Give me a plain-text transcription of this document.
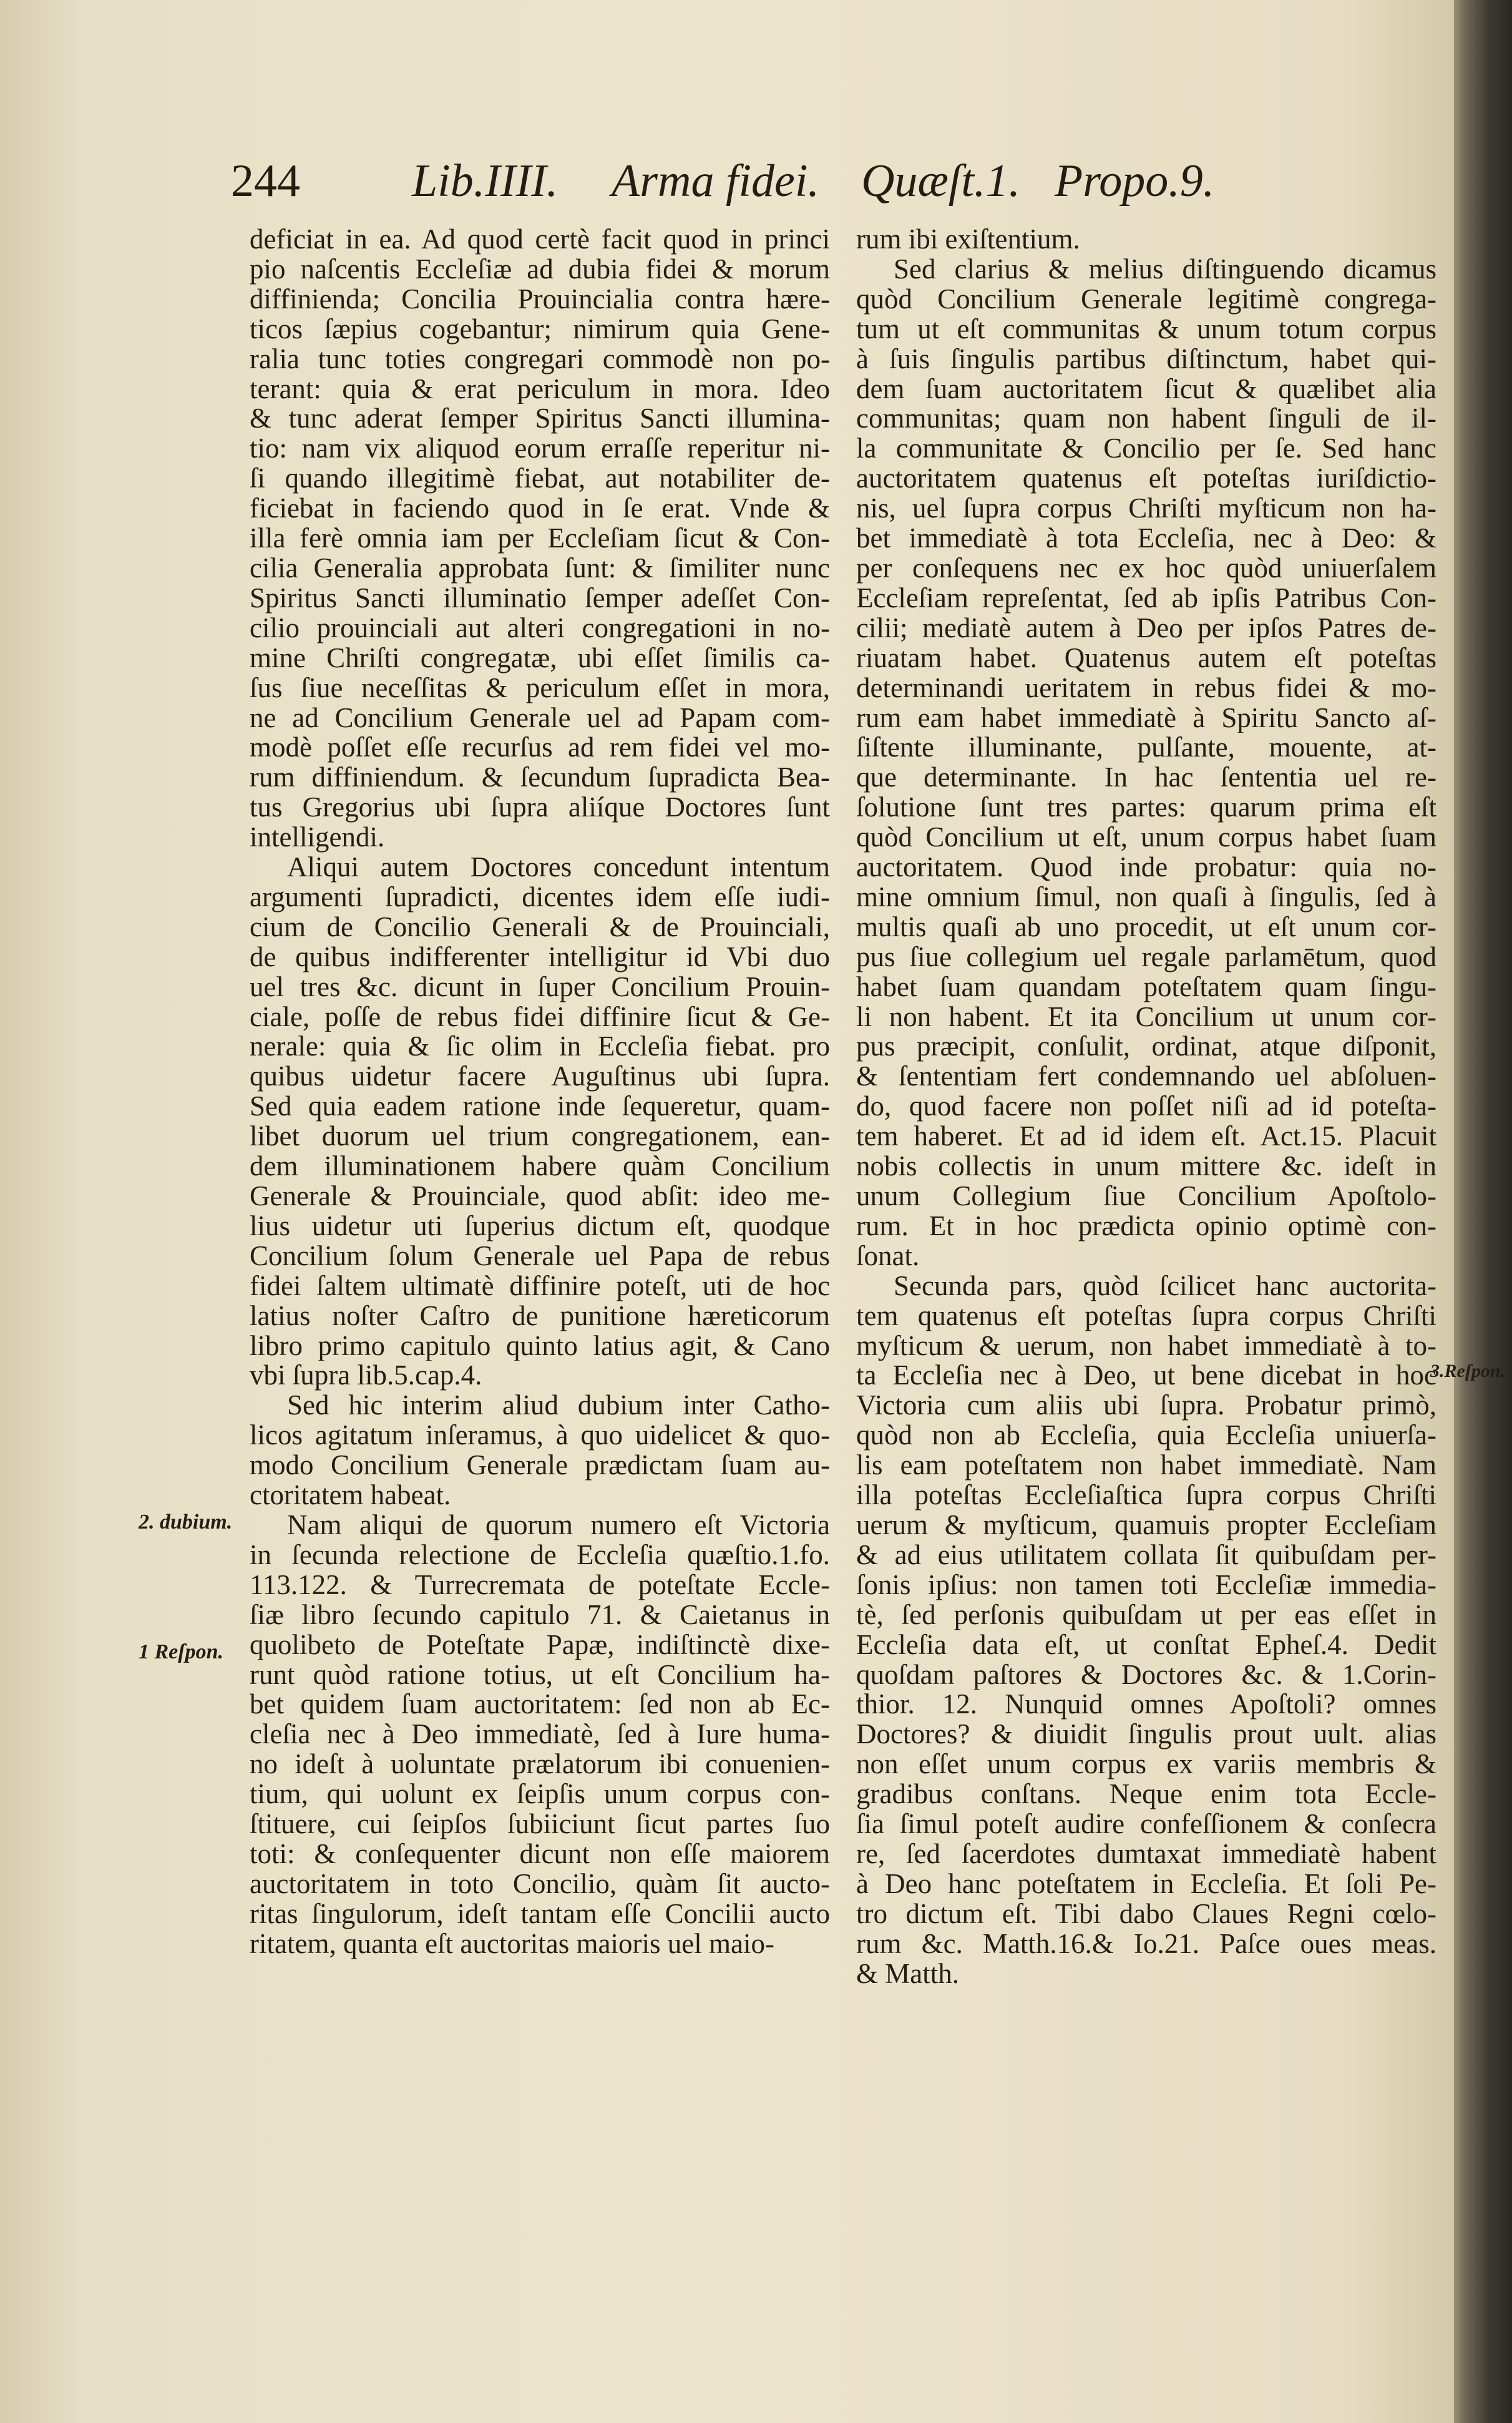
244 Lib.IIII. Arma fidei. Quæſt.1. Propo.9.
2. dubium.
1 Reſpon.
3.Reſpon.
deficiat in ea. Ad quod certè facit quod in princi
pio naſcentis Eccleſiæ ad dubia fidei & morum
diffinienda; Concilia Prouincialia contra hære-
ticos ſæpius cogebantur; nimirum quia Gene-
ralia tunc toties congregari commodè non po-
terant: quia & erat periculum in mora. Ideo
& tunc aderat ſemper Spiritus Sancti illumina-
tio: nam vix aliquod eorum erraſſe reperitur ni-
ſi quando illegitimè fiebat, aut notabiliter de-
ficiebat in faciendo quod in ſe erat. Vnde &
illa ferè omnia iam per Eccleſiam ſicut & Con-
cilia Generalia approbata ſunt: & ſimiliter nunc
Spiritus Sancti illuminatio ſemper adeſſet Con-
cilio prouinciali aut alteri congregationi in no-
mine Chriſti congregatæ, ubi eſſet ſimilis ca-
ſus ſiue neceſſitas & periculum eſſet in mora,
ne ad Concilium Generale uel ad Papam com-
modè poſſet eſſe recurſus ad rem fidei vel mo-
rum diffiniendum. & ſecundum ſupradicta Bea-
tus Gregorius ubi ſupra aliíque Doctores ſunt
intelligendi.
Aliqui autem Doctores concedunt intentum
argumenti ſupradicti, dicentes idem eſſe iudi-
cium de Concilio Generali & de Prouinciali,
de quibus indifferenter intelligitur id Vbi duo
uel tres &c. dicunt in ſuper Concilium Prouin-
ciale, poſſe de rebus fidei diffinire ſicut & Ge-
nerale: quia & ſic olim in Eccleſia fiebat. pro
quibus uidetur facere Auguſtinus ubi ſupra.
Sed quia eadem ratione inde ſequeretur, quam-
libet duorum uel trium congregationem, ean-
dem illuminationem habere quàm Concilium
Generale & Prouinciale, quod abſit: ideo me-
lius uidetur uti ſuperius dictum eſt, quodque
Concilium ſolum Generale uel Papa de rebus
fidei ſaltem ultimatè diffinire poteſt, uti de hoc
latius noſter Caſtro de punitione hæreticorum
libro primo capitulo quinto latius agit, & Cano
vbi ſupra lib.5.cap.4.
Sed hic interim aliud dubium inter Catho-
licos agitatum inſeramus, à quo uidelicet & quo-
modo Concilium Generale prædictam ſuam au-
ctoritatem habeat.
Nam aliqui de quorum numero eſt Victoria
in ſecunda relectione de Eccleſia quæſtio.1.fo.
113.122. & Turrecremata de poteſtate Eccle-
ſiæ libro ſecundo capitulo 71. & Caietanus in
quolibeto de Poteſtate Papæ, indiſtinctè dixe-
runt quòd ratione totius, ut eſt Concilium ha-
bet quidem ſuam auctoritatem: ſed non ab Ec-
cleſia nec à Deo immediatè, ſed à Iure huma-
no ideſt à uoluntate prælatorum ibi conuenien-
tium, qui uolunt ex ſeipſis unum corpus con-
ſtituere, cui ſeipſos ſubiiciunt ſicut partes ſuo
toti: & conſequenter dicunt non eſſe maiorem
auctoritatem in toto Concilio, quàm ſit aucto-
ritas ſingulorum, ideſt tantam eſſe Concilii aucto
ritatem, quanta eſt auctoritas maioris uel maio-
rum ibi exiſtentium.
Sed clarius & melius diſtinguendo dicamus
quòd Concilium Generale legitimè congrega-
tum ut eſt communitas & unum totum corpus
à ſuis ſingulis partibus diſtinctum, habet qui-
dem ſuam auctoritatem ſicut & quælibet alia
communitas; quam non habent ſinguli de il-
la communitate & Concilio per ſe. Sed hanc
auctoritatem quatenus eſt poteſtas iuriſdictio-
nis, uel ſupra corpus Chriſti myſticum non ha-
bet immediatè à tota Eccleſia, nec à Deo: &
per conſequens nec ex hoc quòd uniuerſalem
Eccleſiam repreſentat, ſed ab ipſis Patribus Con-
cilii; mediatè autem à Deo per ipſos Patres de-
riuatam habet. Quatenus autem eſt poteſtas
determinandi ueritatem in rebus fidei & mo-
rum eam habet immediatè à Spiritu Sancto aſ-
ſiſtente illuminante, pulſante, mouente, at-
que determinante. In hac ſententia uel re-
ſolutione ſunt tres partes: quarum prima eſt
quòd Concilium ut eſt, unum corpus habet ſuam
auctoritatem. Quod inde probatur: quia no-
mine omnium ſimul, non quaſi à ſingulis, ſed à
multis quaſi ab uno procedit, ut eſt unum cor-
pus ſiue collegium uel regale parlamētum, quod
habet ſuam quandam poteſtatem quam ſingu-
li non habent. Et ita Concilium ut unum cor-
pus præcipit, conſulit, ordinat, atque diſponit,
& ſententiam fert condemnando uel abſoluen-
do, quod facere non poſſet niſi ad id poteſta-
tem haberet. Et ad id idem eſt. Act.15. Placuit
nobis collectis in unum mittere &c. ideſt in
unum Collegium ſiue Concilium Apoſtolo-
rum. Et in hoc prædicta opinio optimè con-
ſonat.
Secunda pars, quòd ſcilicet hanc auctorita-
tem quatenus eſt poteſtas ſupra corpus Chriſti
myſticum & uerum, non habet immediatè à to-
ta Eccleſia nec à Deo, ut bene dicebat in hoc
Victoria cum aliis ubi ſupra. Probatur primò,
quòd non ab Eccleſia, quia Eccleſia uniuerſa-
lis eam poteſtatem non habet immediatè. Nam
illa poteſtas Eccleſiaſtica ſupra corpus Chriſti
uerum & myſticum, quamuis propter Eccleſiam
& ad eius utilitatem collata ſit quibuſdam per-
ſonis ipſius: non tamen toti Eccleſiæ immedia-
tè, ſed perſonis quibuſdam ut per eas eſſet in
Eccleſia data eſt, ut conſtat Epheſ.4. Dedit
quoſdam paſtores & Doctores &c. & 1.Corin-
thior. 12. Nunquid omnes Apoſtoli? omnes
Doctores? & diuidit ſingulis prout uult. alias
non eſſet unum corpus ex variis membris &
gradibus conſtans. Neque enim tota Eccle-
ſia ſimul poteſt audire confeſſionem & conſecra
re, ſed ſacerdotes dumtaxat immediatè habent
à Deo hanc poteſtatem in Eccleſia. Et ſoli Pe-
tro dictum eſt. Tibi dabo Claues Regni cœlo-
rum &c. Matth.16.& Io.21. Paſce oues meas.
& Matth.
